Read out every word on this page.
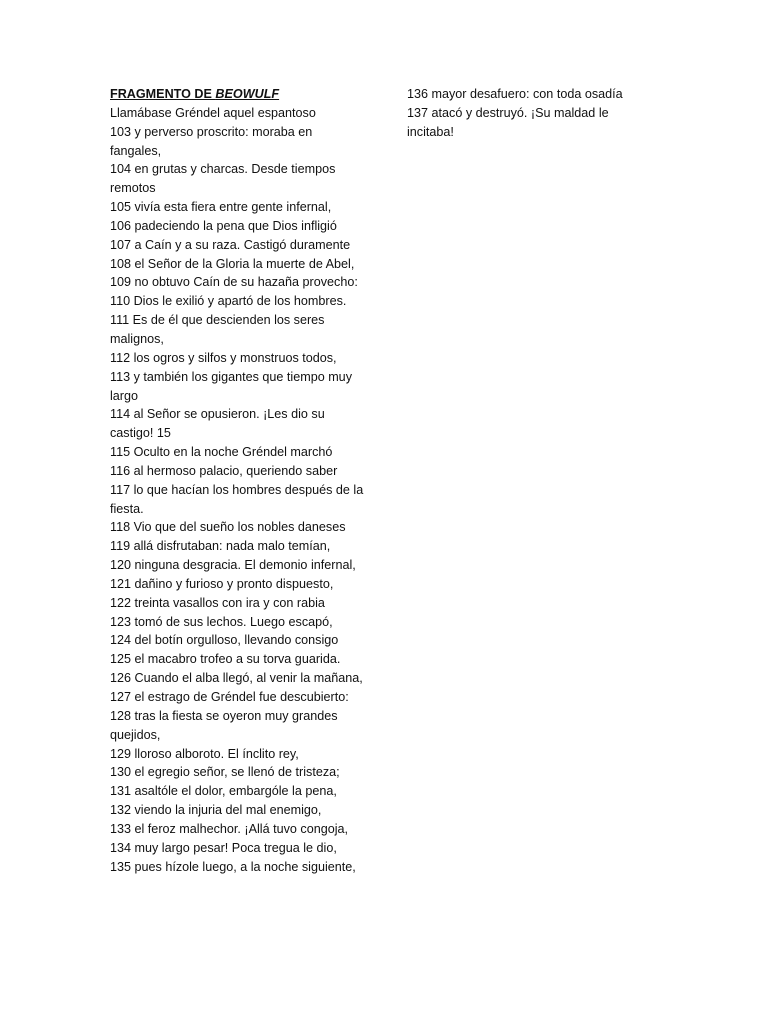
FRAGMENTO DE BEOWULF
Llamábase Gréndel aquel espantoso
103 y perverso proscrito: moraba en fangales,
104 en grutas y charcas. Desde tiempos remotos
105 vivía esta fiera entre gente infernal,
106 padeciendo la pena que Dios infligió
107 a Caín y a su raza. Castigó duramente
108 el Señor de la Gloria la muerte de Abel,
109 no obtuvo Caín de su hazaña provecho:
110 Dios le exilió y apartó de los hombres.
111 Es de él que descienden los seres malignos,
112 los ogros y silfos y monstruos todos,
113 y también los gigantes que tiempo muy largo
114 al Señor se opusieron. ¡Les dio su castigo! 15
115 Oculto en la noche Gréndel marchó
116 al hermoso palacio, queriendo saber
117 lo que hacían los hombres después de la fiesta.
118 Vio que del sueño los nobles daneses
119 allá disfrutaban: nada malo temían,
120 ninguna desgracia. El demonio infernal,
121 dañino y furioso y pronto dispuesto,
122 treinta vasallos con ira y con rabia
123 tomó de sus lechos. Luego escapó,
124 del botín orgulloso, llevando consigo
125 el macabro trofeo a su torva guarida.
126 Cuando el alba llegó, al venir la mañana,
127 el estrago de Gréndel fue descubierto:
128 tras la fiesta se oyeron muy grandes quejidos,
129 lloroso alboroto. El ínclito rey,
130 el egregio señor, se llenó de tristeza;
131 asaltóle el dolor, embargóle la pena,
132 viendo la injuria del mal enemigo,
133 el feroz malhechor. ¡Allá tuvo congoja,
134 muy largo pesar! Poca tregua le dio,
135 pues hízole luego, a la noche siguiente,
136 mayor desafuero: con toda osadía
137 atacó y destruyó. ¡Su maldad le incitaba!
